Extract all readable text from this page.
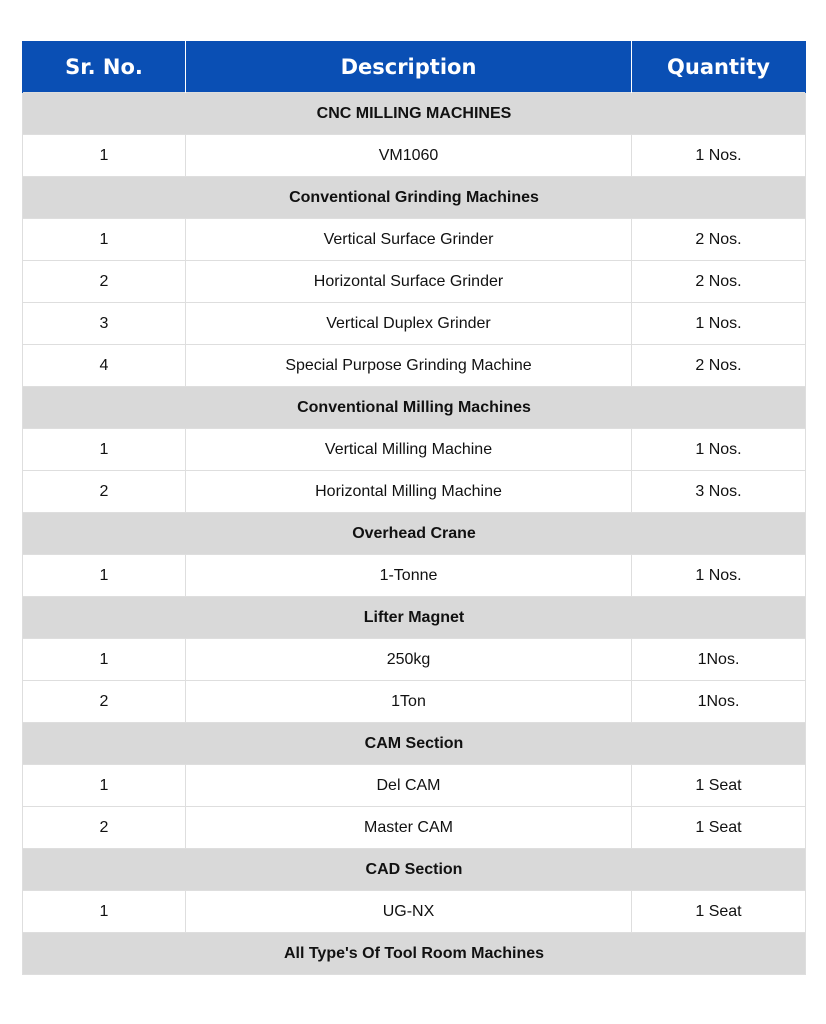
Sr. No.	Description	Quantity
CNC MILLING MACHINES		
1	VM1060	1 Nos.
Conventional Grinding Machines		
1	Vertical Surface Grinder	2 Nos.
2	Horizontal Surface Grinder	2 Nos.
3	Vertical Duplex Grinder	1 Nos.
4	Special Purpose Grinding Machine	2 Nos.
Conventional Milling Machines		
1	Vertical Milling Machine	1 Nos.
2	Horizontal Milling Machine	3 Nos.
Overhead Crane		
1	1-Tonne	1 Nos.
Lifter Magnet		
1	250kg	1Nos.
2	1Ton	1Nos.
CAM Section		
1	Del CAM	1 Seat
2	Master CAM	1 Seat
CAD Section		
1	UG-NX	1 Seat
All Type's Of Tool Room Machines		
